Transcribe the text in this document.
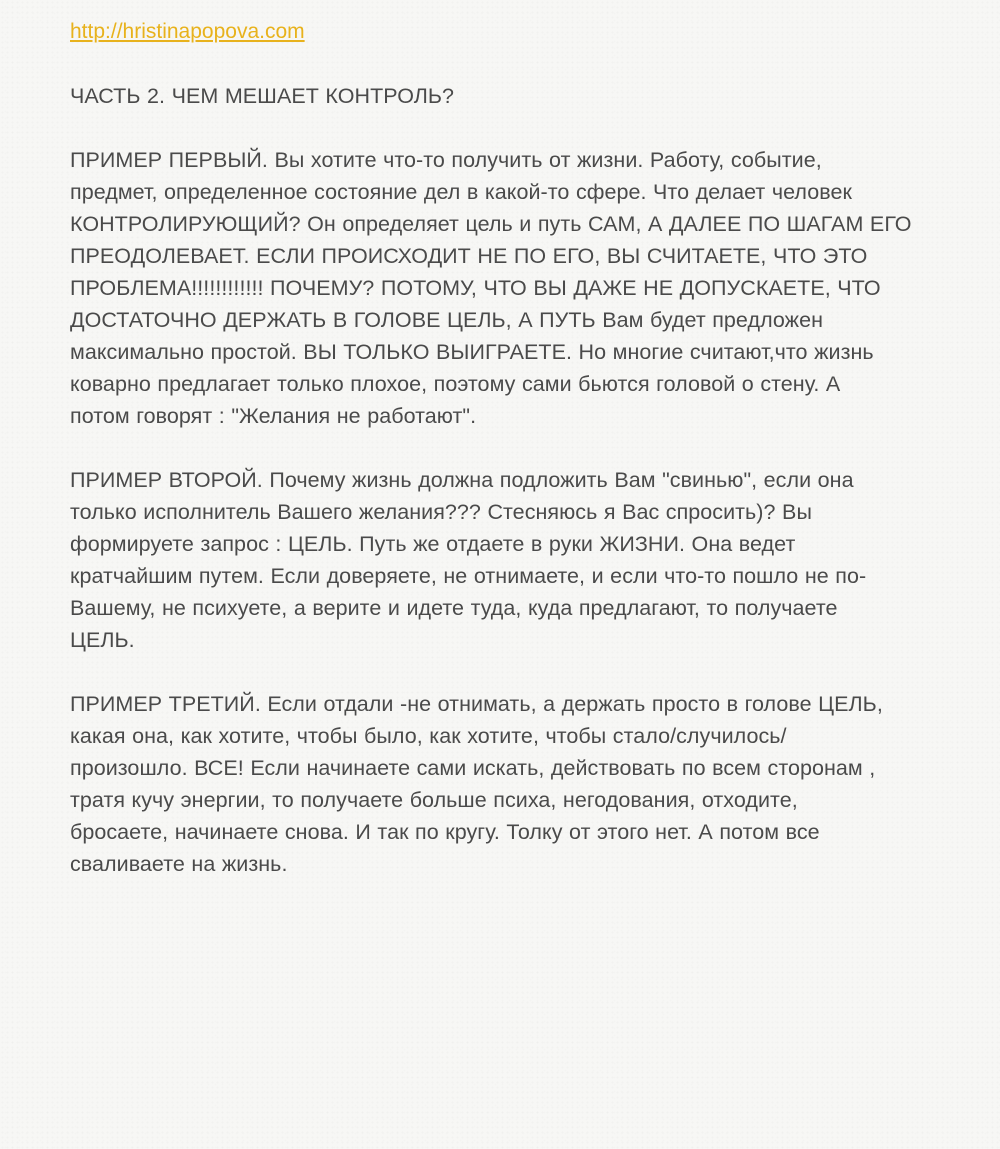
http://hristinapopova.com

ЧАСТЬ 2. ЧЕМ МЕШАЕТ КОНТРОЛЬ?

ПРИМЕР ПЕРВЫЙ. Вы хотите что-то получить от жизни. Работу, событие,
предмет, определенное состояние дел в какой-то сфере. Что делает человек
КОНТРОЛИРУЮЩИЙ? Он определяет цель и путь САМ, А ДАЛЕЕ ПО ШАГАМ ЕГО
ПРЕОДОЛЕВАЕТ. ЕСЛИ ПРОИСХОДИТ НЕ ПО ЕГО, ВЫ СЧИТАЕТЕ, ЧТО ЭТО
ПРОБЛЕМА!!!!!!!!!!!! ПОЧЕМУ? ПОТОМУ, ЧТО ВЫ ДАЖЕ НЕ ДОПУСКАЕТЕ, ЧТО
ДОСТАТОЧНО ДЕРЖАТЬ В ГОЛОВЕ ЦЕЛЬ, А ПУТЬ Вам будет предложен
максимально простой. ВЫ ТОЛЬКО ВЫИГРАЕТЕ. Но многие считают,что жизнь
коварно предлагает только плохое, поэтому сами бьются головой о стену. А
потом говорят : "Желания не работают".

ПРИМЕР ВТОРОЙ. Почему жизнь должна подложить Вам "свинью", если она
только исполнитель Вашего желания??? Стесняюсь я Вас спросить)? Вы
формируете запрос : ЦЕЛЬ. Путь же отдаете в руки ЖИЗНИ. Она ведет
кратчайшим путем. Если доверяете, не отнимаете, и если что-то пошло не по-
Вашему, не психуете, а верите и идете туда, куда предлагают, то получаете
ЦЕЛЬ.

ПРИМЕР ТРЕТИЙ. Если отдали -не отнимать, а держать просто в голове ЦЕЛЬ,
какая она, как хотите, чтобы было, как хотите, чтобы стало/случилось/
произошло. ВСЕ! Если начинаете сами искать, действовать по всем сторонам ,
тратя кучу энергии, то получаете больше психа, негодования, отходите,
бросаете, начинаете снова. И так по кругу. Толку от этого нет. А потом все
сваливаете на жизнь.
